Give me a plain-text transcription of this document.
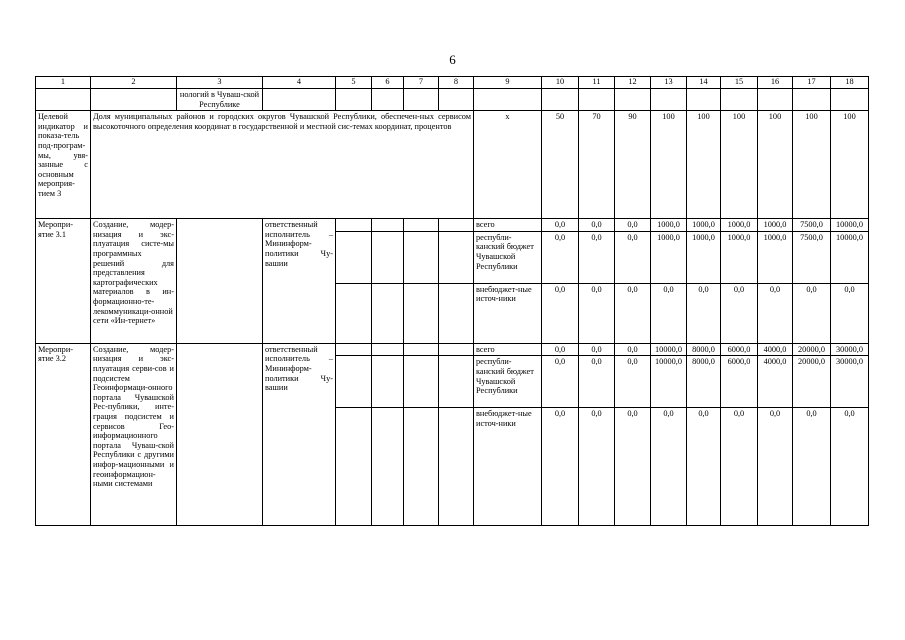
6
1	2	3	4	5	6	7	8	9	10	11	12	13	14	15	16	17	18
		нологий в Чуваш-ской Республике															
Целевой индикатор и показа-тель под-програм-мы, увя-занные с основным мероприя-тием 3	Доля муниципальных районов и городских округов Чувашской Республики, обеспечен-ных сервисом высокоточного определения координат в государственной и местной сис-темах координат, процентов							х	50	70	90	100	100	100	100	100	100
Меропри-ятие 3.1	Создание, модер-низация и экс-плуатация систе-мы программных решений для представления картографических материалов в ин-формационно-те-лекоммуникаци-онной сети «Ин-тернет»		ответственный исполнитель – Мининформ-политики Чу-вашии					всего	0,0	0,0	0,0	1000,0	1000,0	1000,0	1000,0	7500,0	10000,0
								республи-канский бюджет Чувашской Республики	0,0	0,0	0,0	1000,0	1000,0	1000,0	1000,0	7500,0	10000,0
								внебюджет-ные источ-ники	0,0	0,0	0,0	0,0	0,0	0,0	0,0	0,0	0,0
Меропри-ятие 3.2	Создание, модер-низация и экс-плуатация серви-сов и подсистем Геоинформаци-онного портала Чувашской Рес-публики, инте-грация подсистем и сервисов Гео-информационного портала Чуваш-ской Республики с другими инфор-мационными и геоинформацион-ными системами		ответственный исполнитель – Мининформ-политики Чу-вашии					всего	0,0	0,0	0,0	10000,0	8000,0	6000,0	4000,0	20000,0	30000,0
								республи-канский бюджет Чувашской Республики	0,0	0,0	0,0	10000,0	8000,0	6000,0	4000,0	20000,0	30000,0
								внебюджет-ные источ-ники	0,0	0,0	0,0	0,0	0,0	0,0	0,0	0,0	0,0
